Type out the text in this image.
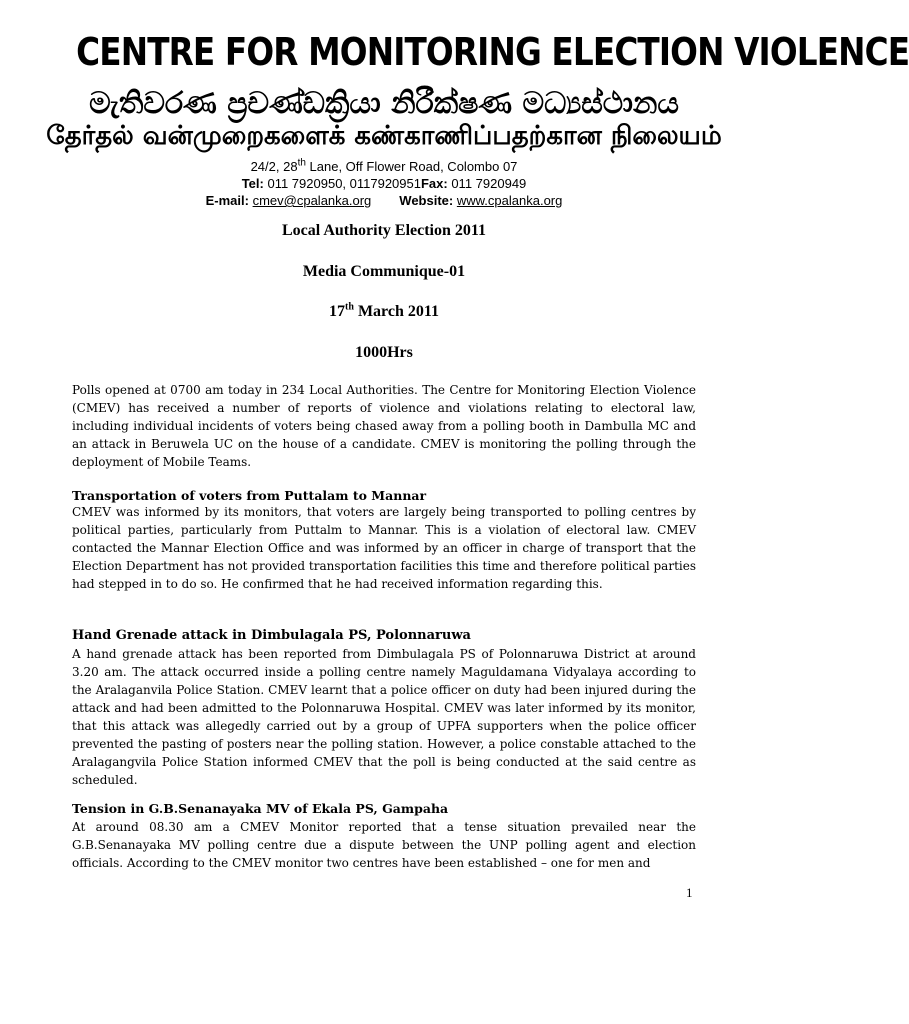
CENTRE FOR MONITORING ELECTION VIOLENCE
මැතිවරණ ප්‍රචණ්ඩක්‍රියා නිරීක්ෂණ මධ්‍යස්ථානය
தேர்தல் வன்முறைகளைக் கண்காணிப்பதற்கான நிலையம்
24/2, 28th Lane, Off Flower Road, Colombo 07
Tel: 011 7920950, 0117920951Fax: 011 7920949
E-mail: cmev@cpalanka.org Website: www.cpalanka.org
Local Authority Election 2011
Media Communique-01
17th March 2011
1000Hrs
Polls opened at 0700 am today in 234 Local Authorities. The Centre for Monitoring Election Violence (CMEV) has received a number of reports of violence and violations relating to electoral law, including individual incidents of voters being chased away from a polling booth in Dambulla MC and an attack in Beruwela UC on the house of a candidate. CMEV is monitoring the polling through the deployment of Mobile Teams.
Transportation of voters from Puttalam to Mannar
CMEV was informed by its monitors, that voters are largely being transported to polling centres by political parties, particularly from Puttalm to Mannar. This is a violation of electoral law. CMEV contacted the Mannar Election Office and was informed by an officer in charge of transport that the Election Department has not provided transportation facilities this time and therefore political parties had stepped in to do so. He confirmed that he had received information regarding this.
Hand Grenade attack in Dimbulagala PS, Polonnaruwa
A hand grenade attack has been reported from Dimbulagala PS of Polonnaruwa District at around 3.20 am. The attack occurred inside a polling centre namely Maguldamana Vidyalaya according to the Aralaganvila Police Station. CMEV learnt that a police officer on duty had been injured during the attack and had been admitted to the Polonnaruwa Hospital. CMEV was later informed by its monitor, that this attack was allegedly carried out by a group of UPFA supporters when the police officer prevented the pasting of posters near the polling station. However, a police constable attached to the Aralagangvila Police Station informed CMEV that the poll is being conducted at the said centre as scheduled.
Tension in G.B.Senanayaka MV of Ekala PS, Gampaha
At around 08.30 am a CMEV Monitor reported that a tense situation prevailed near the G.B.Senanayaka MV polling centre due a dispute between the UNP polling agent and election officials. According to the CMEV monitor two centres have been established – one for men and
1
